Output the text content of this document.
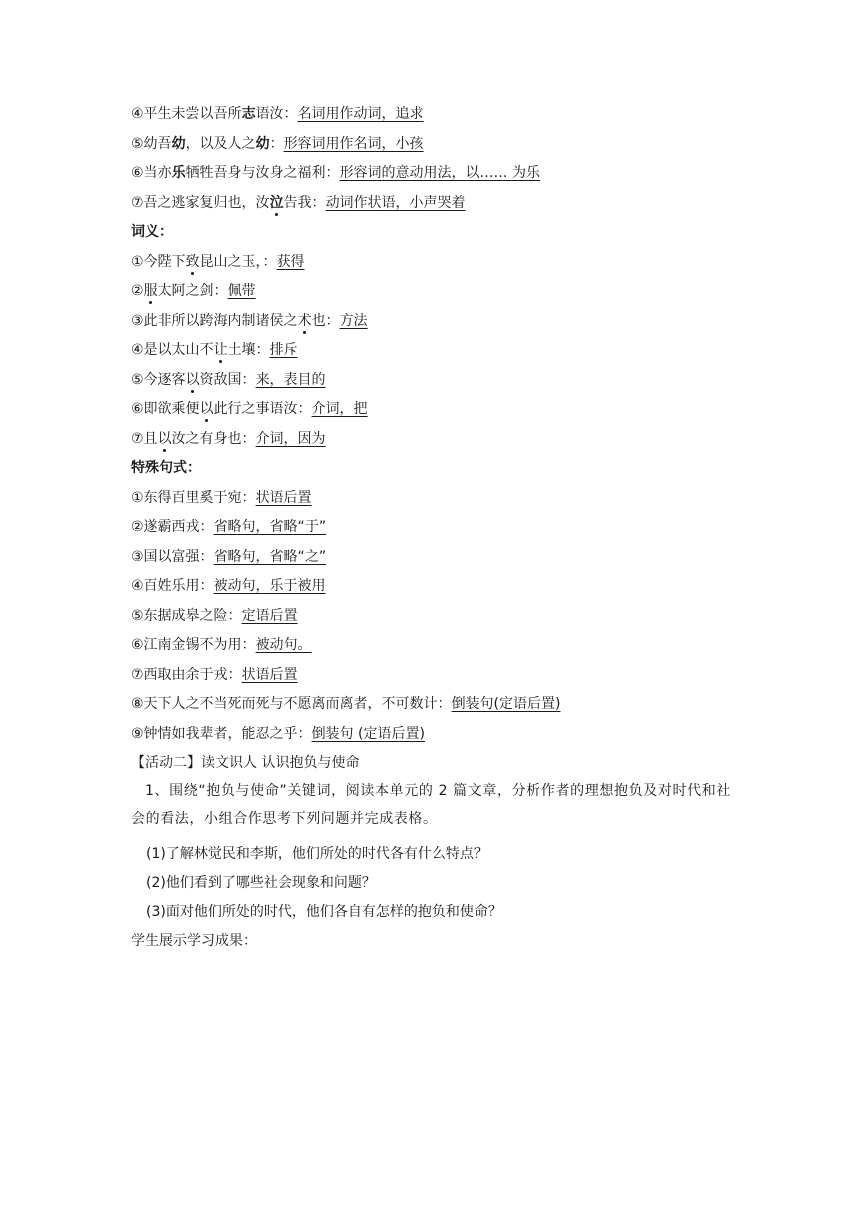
④平生未尝以吾所志语汝：名词用作动词，追求
⑤幼吾幼，以及人之幼：形容词用作名词，小孩
⑥当亦乐牺牲吾身与汝身之福利：形容词的意动用法，以…… 为乐
⑦吾之逃家复归也，汝泣告我：动词作状语，小声哭着
词义：
①今陛下致昆山之玉，：获得
②服太阿之剑：佩带
③此非所以跨海内制诸侯之术也：方法
④是以太山不让土壤：排斥
⑤今逐客以资敌国：来，表目的
⑥即欲乘便以此行之事语汝：介词，把
⑦且以汝之有身也：介词，因为
特殊句式：
①东得百里奚于宛：状语后置
②遂霸西戎：省略句，省略“于”
③国以富强：省略句，省略“之”
④百姓乐用：被动句，乐于被用
⑤东据成皋之险：定语后置
⑥江南金锡不为用：被动句。
⑦西取由余于戎：状语后置
⑧天下人之不当死而死与不愿离而离者，不可数计：倒装句(定语后置)
⑨钟情如我辈者，能忍之乎：倒装句 (定语后置)
【活动二】读文识人 认识抱负与使命
1、围绕“抱负与使命”关键词，阅读本单元的 2 篇文章，分析作者的理想抱负及对时代和社会的看法，小组合作思考下列问题并完成表格。
(1)了解林觉民和李斯，他们所处的时代各有什么特点？
(2)他们看到了哪些社会现象和问题？
(3)面对他们所处的时代，他们各自有怎样的抱负和使命？
学生展示学习成果：
